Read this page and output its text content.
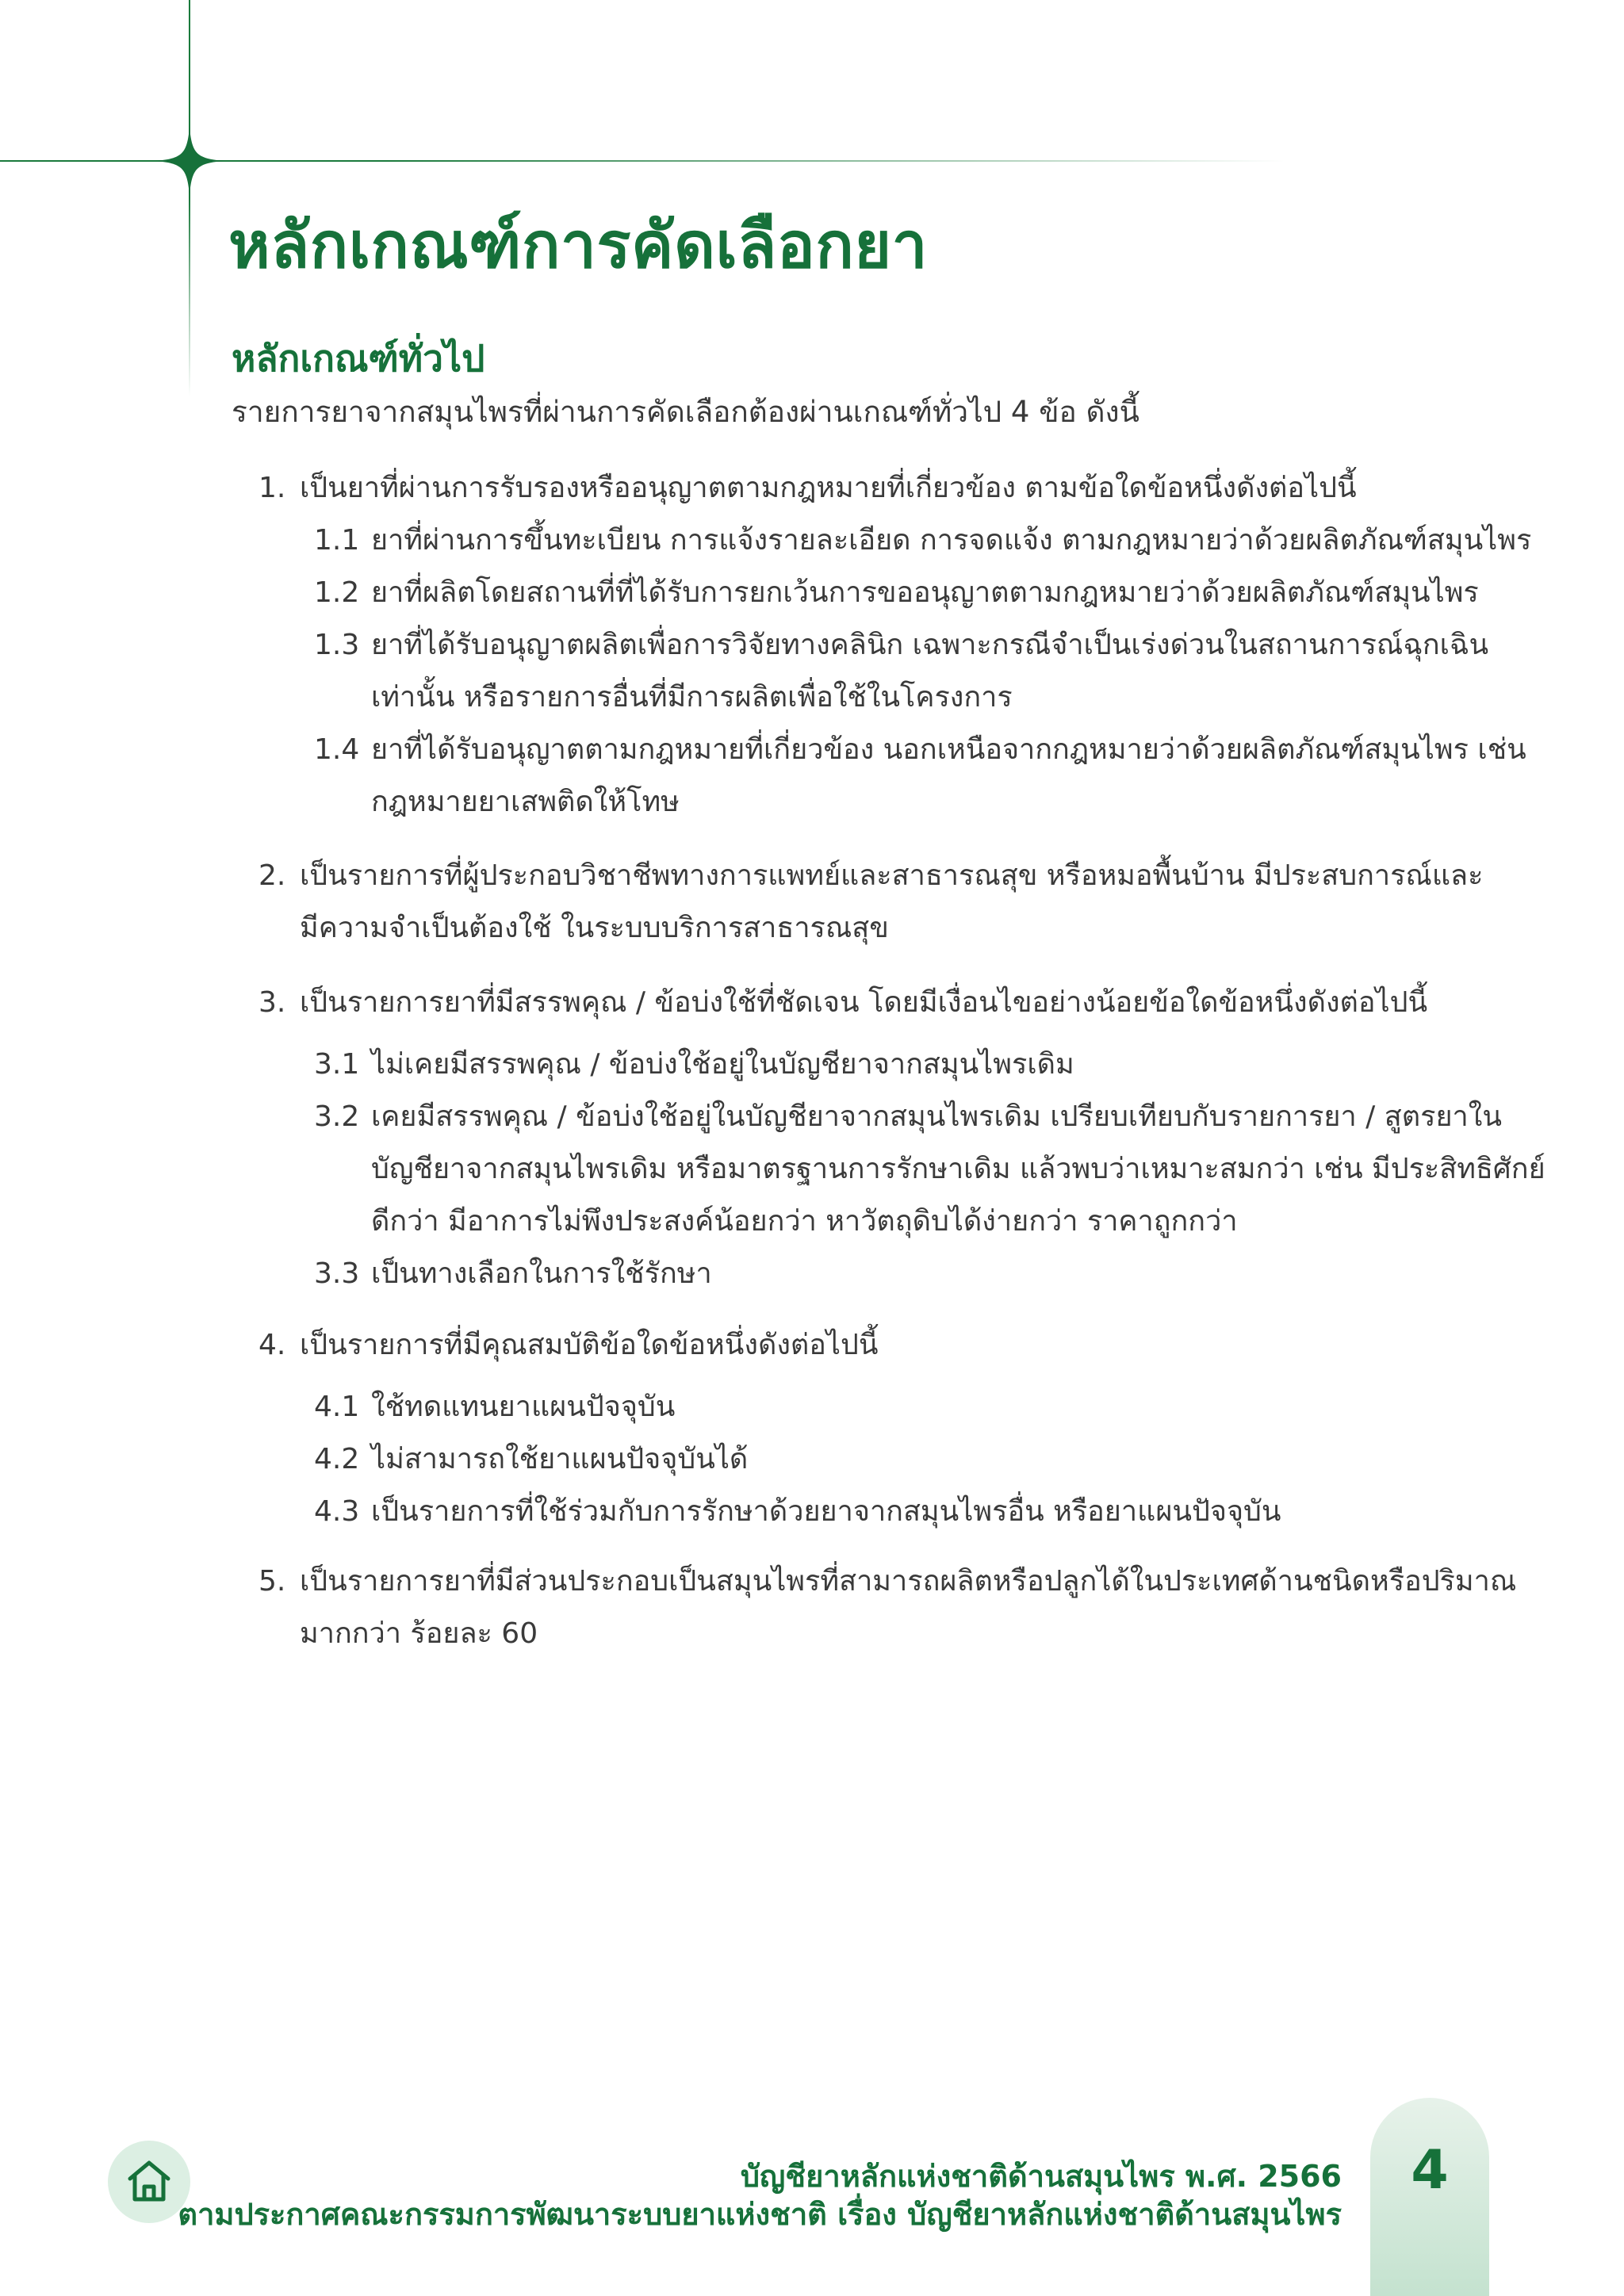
หลักเกณฑ์การคัดเลือกยา
หลักเกณฑ์ทั่วไป

รายการยาจากสมุนไพรที่ผ่านการคัดเลือกต้องผ่านเกณฑ์ทั่วไป 4 ข้อ ดังนี้

1. เป็นยาที่ผ่านการรับรองหรืออนุญาตตามกฎหมายที่เกี่ยวข้อง ตามข้อใดข้อหนึ่งดังต่อไปนี้
1.1 ยาที่ผ่านการขึ้นทะเบียน การแจ้งรายละเอียด การจดแจ้ง ตามกฎหมายว่าด้วยผลิตภัณฑ์สมุนไพร
1.2 ยาที่ผลิตโดยสถานที่ที่ได้รับการยกเว้นการขออนุญาตตามกฎหมายว่าด้วยผลิตภัณฑ์สมุนไพร
1.3 ยาที่ได้รับอนุญาตผลิตเพื่อการวิจัยทางคลินิก เฉพาะกรณีจำเป็นเร่งด่วนในสถานการณ์ฉุกเฉิน
เท่านั้น หรือรายการอื่นที่มีการผลิตเพื่อใช้ในโครงการ
1.4 ยาที่ได้รับอนุญาตตามกฎหมายที่เกี่ยวข้อง นอกเหนือจากกฎหมายว่าด้วยผลิตภัณฑ์สมุนไพร เช่น
กฎหมายยาเสพติดให้โทษ
2. เป็นรายการที่ผู้ประกอบวิชาชีพทางการแพทย์และสาธารณสุข หรือหมอพื้นบ้าน มีประสบการณ์และ
มีความจำเป็นต้องใช้ ในระบบบริการสาธารณสุข
3. เป็นรายการยาที่มีสรรพคุณ / ข้อบ่งใช้ที่ชัดเจน โดยมีเงื่อนไขอย่างน้อยข้อใดข้อหนึ่งดังต่อไปนี้
3.1 ไม่เคยมีสรรพคุณ / ข้อบ่งใช้อยู่ในบัญชียาจากสมุนไพรเดิม
3.2 เคยมีสรรพคุณ / ข้อบ่งใช้อยู่ในบัญชียาจากสมุนไพรเดิม เปรียบเทียบกับรายการยา / สูตรยาใน
บัญชียาจากสมุนไพรเดิม หรือมาตรฐานการรักษาเดิม แล้วพบว่าเหมาะสมกว่า เช่น มีประสิทธิศักย์
ดีกว่า มีอาการไม่พึงประสงค์น้อยกว่า หาวัตถุดิบได้ง่ายกว่า ราคาถูกกว่า
3.3 เป็นทางเลือกในการใช้รักษา
4. เป็นรายการที่มีคุณสมบัติข้อใดข้อหนึ่งดังต่อไปนี้
4.1 ใช้ทดแทนยาแผนปัจจุบัน
4.2 ไม่สามารถใช้ยาแผนปัจจุบันได้
4.3 เป็นรายการที่ใช้ร่วมกับการรักษาด้วยยาจากสมุนไพรอื่น หรือยาแผนปัจจุบัน
5. เป็นรายการยาที่มีส่วนประกอบเป็นสมุนไพรที่สามารถผลิตหรือปลูกได้ในประเทศด้านชนิดหรือปริมาณ
มากกว่า ร้อยละ 60

บัญชียาหลักแห่งชาติด้านสมุนไพร พ.ศ. 2566

ตามประกาศคณะกรรมการพัฒนาระบบยาแห่งชาติ เรื่อง บัญชียาหลักแห่งชาติด้านสมุนไพร

4
